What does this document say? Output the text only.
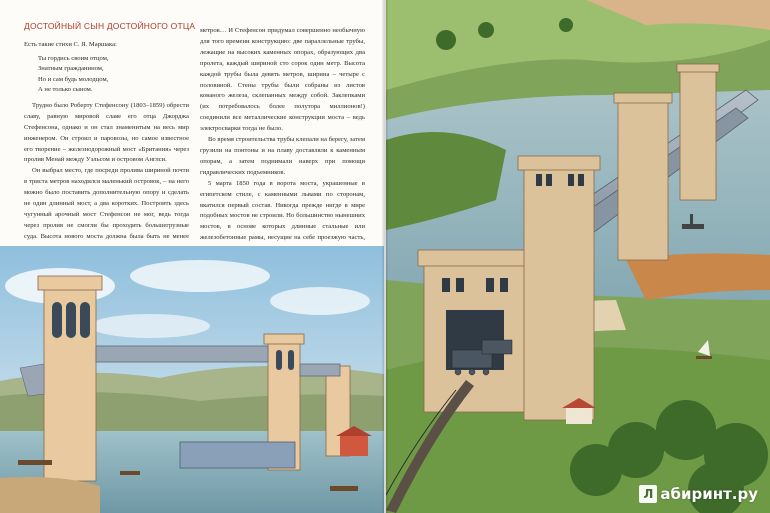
ДОСТОЙНЫЙ СЫН ДОСТОЙНОГО ОТЦА

Есть такие стихи С. Я. Маршака:

Ты гордись своим отцом,
Знатным гражданином,
Но и сам будь молодцом,
А не только сыном.

Трудно было Роберту Стефенсону (1803–1859) обрести славу, равную мировой славе его отца Джорджа Стефенсона, однако и он стал знаменитым на весь мир инженером. Он строил и паровозы, но самое известное его творение – железнодорожный мост «Британия» через пролив Менай между Уэльсом и островом Англси.

Он выбрал место, где посреди пролива шириной почти в триста метров находился маленький островок, – на него можно было поставить дополнительную опору и сделать не один длинный мост, а два коротких. Построить здесь чугунный арочный мост Стефенсон не мог, ведь тогда через пролив не смогли бы проходить большегрузные суда. Высота нового моста должна была быть не менее

метров… И Стефенсон придумал совершенно необычную для того времени конструкцию: две параллельные трубы, лежащие на высоких каменных опорах, образующих два пролета, каждый шириной сто сорок один метр. Высота каждой трубы была девять метров, ширина – четыре с половиной. Стены трубы были собраны из листов кованого железа, склепанных между собой. Заклепками (их потребовалось более полутора миллионов!) соединили все металлические конструкции моста – ведь электросварки тогда не было.

Во время строительства трубы клепали на берегу, затем грузили на понтоны и на плаву доставляли к каменным опорам, а затем поднимали наверх при помощи гидравлических подъемников.

5 марта 1850 года в ворота моста, украшенные в египетском стиле, с каменными львами по сторонам, вкатился первый состав. Никогда прежде нигде в мире подобных мостов не строили. Но большинство нынешних мостов, в основе которых длинные стальные или железобетонные рамы, несущие на себе проезжую часть,

Л абиринт.ру
